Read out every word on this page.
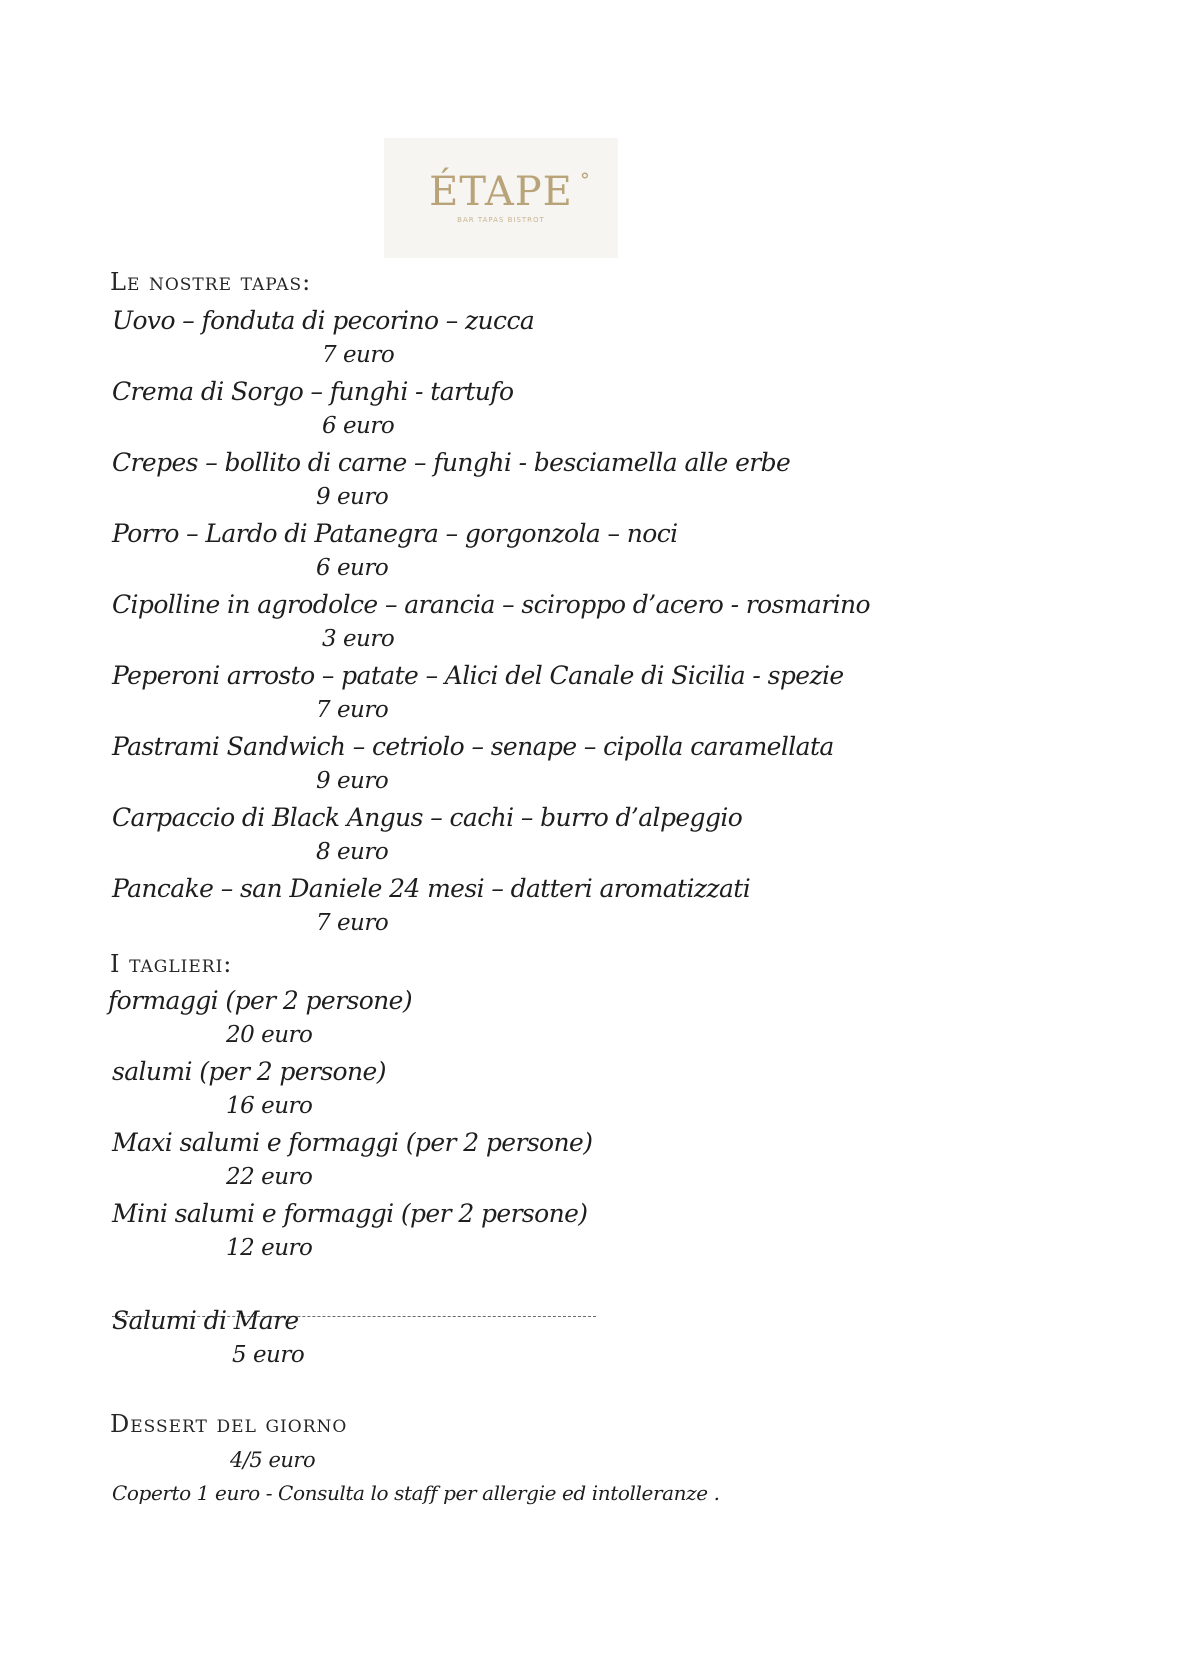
ÉTAPE °
BAR TAPAS BISTROT
Le nostre tapas:
Uovo – fonduta di pecorino – zucca
7 euro
Crema di Sorgo – funghi - tartufo
6 euro
Crepes – bollito di carne – funghi - besciamella alle erbe
9 euro
Porro – Lardo di Patanegra – gorgonzola – noci
6 euro
Cipolline in agrodolce – arancia – sciroppo d’acero - rosmarino
3 euro
Peperoni arrosto – patate – Alici del Canale di Sicilia - spezie
7 euro
Pastrami Sandwich – cetriolo – senape – cipolla caramellata
9 euro
Carpaccio di Black Angus – cachi – burro d’alpeggio
8 euro
Pancake – san Daniele 24 mesi – datteri aromatizzati
7 euro
I taglieri:
formaggi (per 2 persone)
20 euro
salumi (per 2 persone)
16 euro
Maxi salumi e formaggi (per 2 persone)
22 euro
Mini salumi e formaggi (per 2 persone)
12 euro
Salumi di Mare
5 euro
Dessert del giorno
4/5 euro
Coperto 1 euro - Consulta lo staff per allergie ed intolleranze .
